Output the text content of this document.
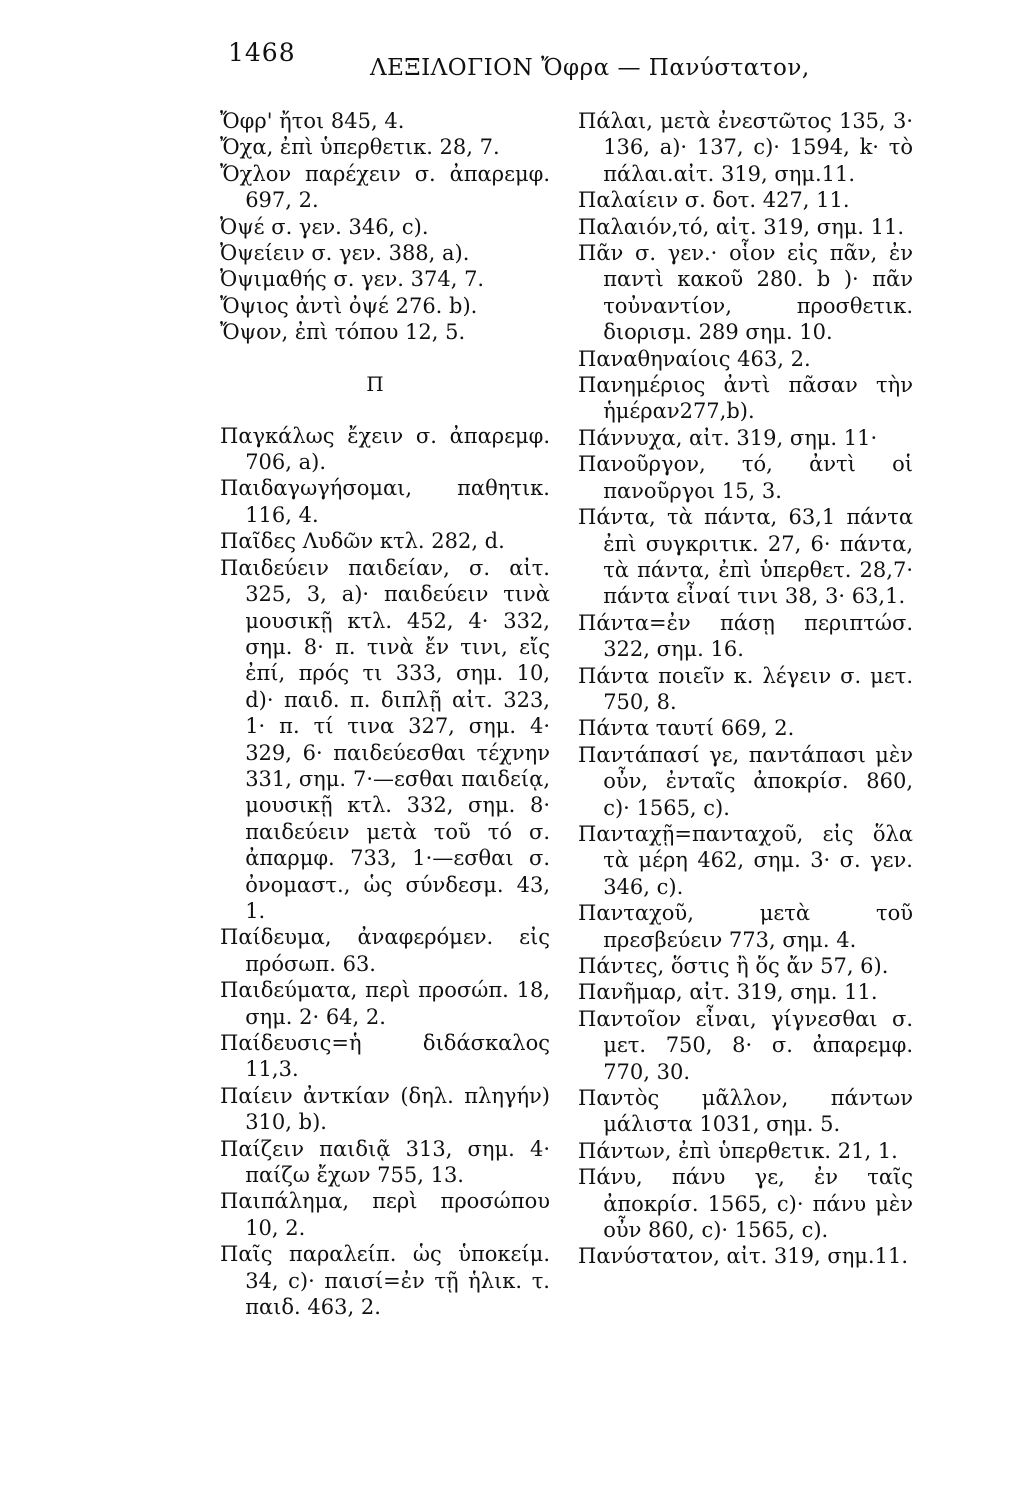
1468
ΛΕΞΙΛΟΓΙΟΝ Ὄφρα — Πανύστατον,
Ὄφρ' ἤτοι 845, 4.
Ὄχα, ἐπὶ ὑπερθετικ. 28, 7.
Ὄχλον παρέχειν σ. ἀπαρεμφ. 697, 2.
Ὀψέ σ. γεν. 346, c).
Ὀψείειν σ. γεν. 388, a).
Ὀψιμαθής σ. γεν. 374, 7.
Ὄψιος ἀντὶ ὀψέ 276. b).
Ὄψον, ἐπὶ τόπου 12, 5.
Π
Παγκάλως ἔχειν σ. ἀπαρεμφ. 706, a).
Παιδαγωγήσομαι, παθητικ. 116, 4.
Παῖδες Λυδῶν κτλ. 282, d.
Παιδεύειν παιδείαν, σ. αἰτ. 325, 3, a)· παιδεύειν τινὰ μουσικῇ κτλ. 452, 4· 332, σημ. 8· π. τινὰ ἔν τινι, εἴς ἐπί, πρός τι 333, σημ. 10, d)· παιδ. π. διπλῇ αἰτ. 323, 1· π. τί τινα 327, σημ. 4· 329, 6· παιδεύεσθαι τέχνην 331, σημ. 7·—εσθαι παιδείᾳ, μουσικῇ κτλ. 332, σημ. 8· παιδεύειν μετὰ τοῦ τό σ. ἀπαρμφ. 733, 1·—εσθαι σ. ὀνομαστ., ὡς σύνδεσμ. 43, 1.
Παίδευμα, ἀναφερόμεν. εἰς πρόσωπ. 63.
Παιδεύματα, περὶ προσώπ. 18, σημ. 2· 64, 2.
Παίδευσις=ἡ διδάσκαλος 11,3.
Παίειν ἀντκίαν (δηλ. πληγήν) 310, b).
Παίζειν παιδιᾷ 313, σημ. 4· παίζω ἔχων 755, 13.
Παιπάλημα, περὶ προσώπου 10, 2.
Παῖς παραλείπ. ὡς ὑποκείμ. 34, c)· παισί=ἐν τῇ ἡλικ. τ. παιδ. 463, 2.
Πάλαι, μετὰ ἐνεστῶτος 135, 3· 136, a)· 137, c)· 1594, k· τὸ πάλαι.αἰτ. 319, σημ.11.
Παλαίειν σ. δοτ. 427, 11.
Παλαιόν,τό, αἰτ. 319, σημ. 11.
Πᾶν σ. γεν.· οἷον εἰς πᾶν, ἐν παντὶ κακοῦ 280. b )· πᾶν τοὐναντίον, προσθετικ. διορισμ. 289 σημ. 10.
Παναθηναίοις 463, 2.
Πανημέριος ἀντὶ πᾶσαν τὴν ἡμέραν277,b).
Πάννυχα, αἰτ. 319, σημ. 11·
Πανοῦργον, τό, ἀντὶ οἱ πανοῦργοι 15, 3.
Πάντα, τὰ πάντα, 63,1 πάντα ἐπὶ συγκριτικ. 27, 6· πάντα, τὰ πάντα, ἐπὶ ὑπερθετ. 28,7· πάντα εἶναί τινι 38, 3· 63,1.
Πάντα=ἐν πάσῃ περιπτώσ. 322, σημ. 16.
Πάντα ποιεῖν κ. λέγειν σ. μετ. 750, 8.
Πάντα ταυτί 669, 2.
Παντάπασί γε, παντάπασι μὲν οὖν, ἐνταῖς ἀποκρίσ. 860, c)· 1565, c).
Πανταχῇ=πανταχοῦ, εἰς ὅλα τὰ μέρη 462, σημ. 3· σ. γεν. 346, c).
Πανταχοῦ, μετὰ τοῦ πρεσβεύειν 773, σημ. 4.
Πάντες, ὅστις ἢ ὅς ἄν 57, 6).
Πανῆμαρ, αἰτ. 319, σημ. 11.
Παντοῖον εἶναι, γίγνεσθαι σ. μετ. 750, 8· σ. ἀπαρεμφ. 770, 30.
Παντὸς μᾶλλον, πάντων μάλιστα 1031, σημ. 5.
Πάντων, ἐπὶ ὑπερθετικ. 21, 1.
Πάνυ, πάνυ γε, ἐν ταῖς ἀποκρίσ. 1565, c)· πάνυ μὲν οὖν 860, c)· 1565, c).
Πανύστατον, αἰτ. 319, σημ.11.
